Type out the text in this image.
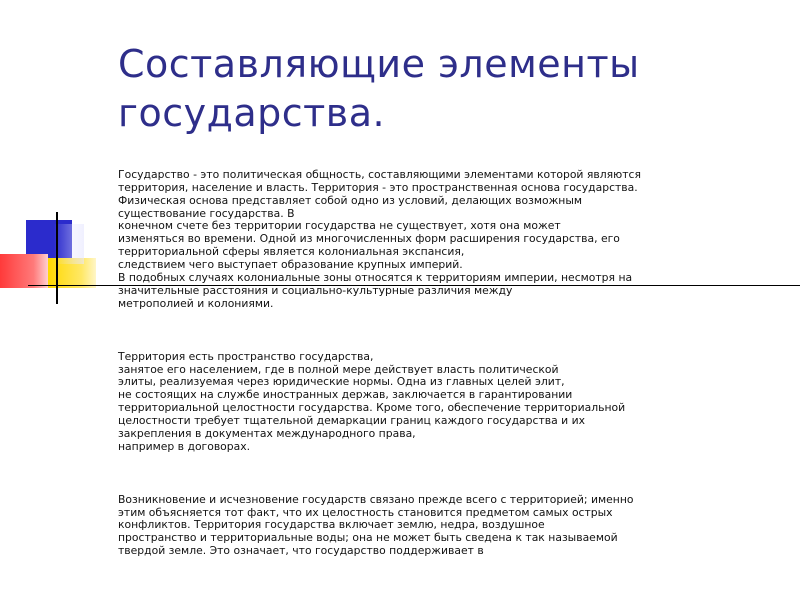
Составляющие элементы государства.

Государство - это политическая общность, составляющими элементами которой являются территория, население и власть. Территория - это пространственная основа государства. Физическая основа представляет собой одно из условий, делающих возможным существование государства. В
конечном счете без территории государства не существует, хотя она может
изменяться во времени. Одной из многочисленных форм расширения государства, его территориальной сферы является колониальная экспансия,
следствием чего выступает образование крупных империй.
В подобных случаях колониальные зоны относятся к территориям империи, несмотря на значительные расстояния и социально-культурные различия между
метрополией и колониями.

Территория есть пространство государства,
занятое его населением, где в полной мере действует власть политической
элиты, реализуемая через юридические нормы. Одна из главных целей элит,
не состоящих на службе иностранных держав, заключается в гарантировании
территориальной целостности государства. Кроме того, обеспечение территориальной целостности требует тщательной демаркации границ каждого государства и их закрепления в документах международного права,
например в договорах.

Возникновение и исчезновение государств связано прежде всего с территорией; именно этим объясняется тот факт, что их целостность становится предметом самых острых конфликтов. Территория государства включает землю, недра, воздушное
пространство и территориальные воды; она не может быть сведена к так называемой твердой земле. Это означает, что государство поддерживает в
